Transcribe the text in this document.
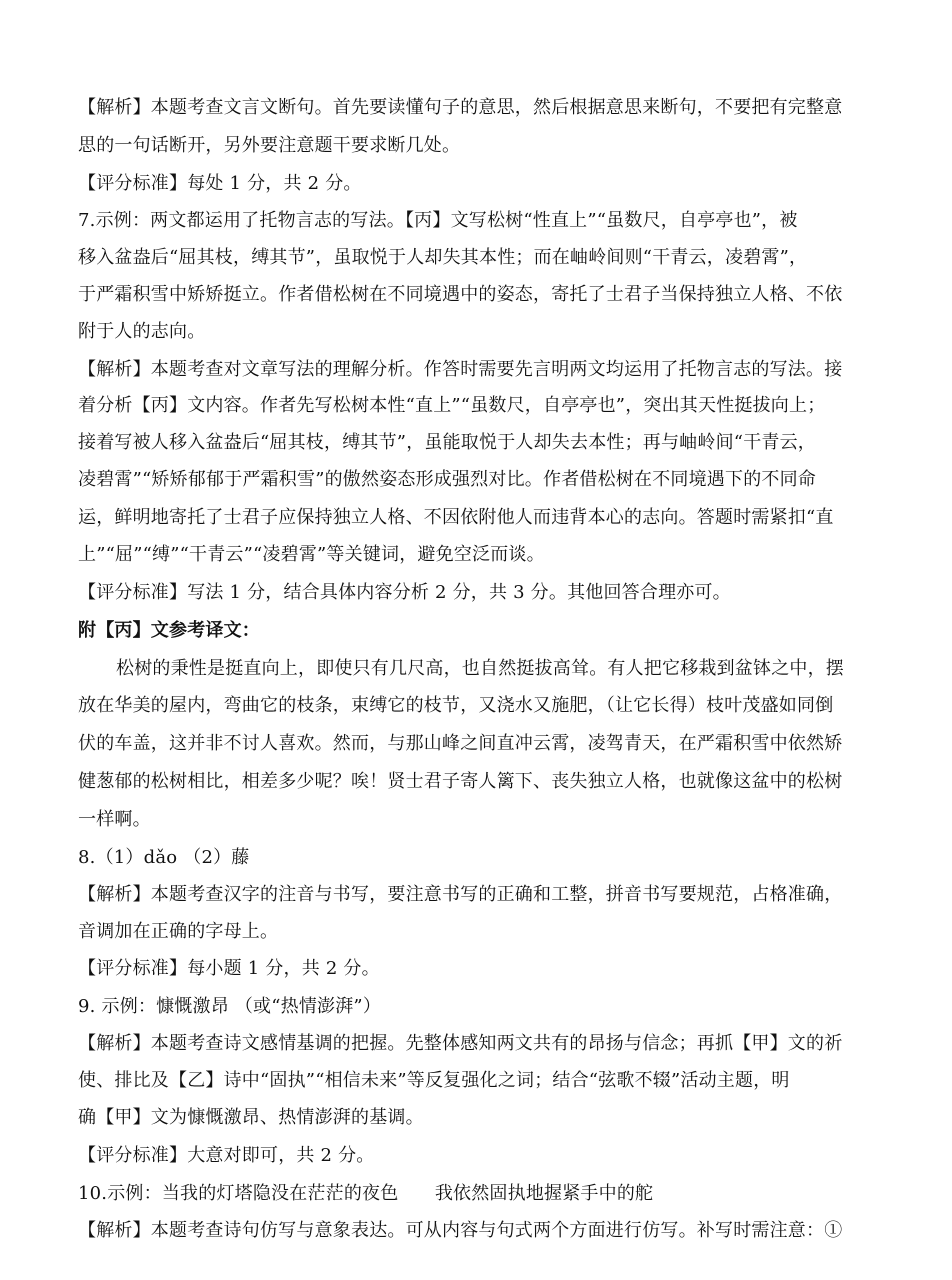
【解析】本题考查文言文断句。首先要读懂句子的意思，然后根据意思来断句，不要把有完整意
思的一句话断开，另外要注意题干要求断几处。
【评分标准】每处 1 分，共 2 分。
7.示例：两文都运用了托物言志的写法。【丙】文写松树“性直上”“虽数尺，自亭亭也”，被
移入盆盎后“屈其枝，缚其节”，虽取悦于人却失其本性；而在岫岭间则“干青云，凌碧霄”，
于严霜积雪中矫矫挺立。作者借松树在不同境遇中的姿态，寄托了士君子当保持独立人格、不依
附于人的志向。
【解析】本题考查对文章写法的理解分析。作答时需要先言明两文均运用了托物言志的写法。接
着分析【丙】文内容。作者先写松树本性“直上”“虽数尺，自亭亭也”，突出其天性挺拔向上；
接着写被人移入盆盎后“屈其枝，缚其节”，虽能取悦于人却失去本性；再与岫岭间“干青云，
凌碧霄”“矫矫郁郁于严霜积雪”的傲然姿态形成强烈对比。作者借松树在不同境遇下的不同命
运，鲜明地寄托了士君子应保持独立人格、不因依附他人而违背本心的志向。答题时需紧扣“直
上”“屈”“缚”“干青云”“凌碧霄”等关键词，避免空泛而谈。
【评分标准】写法 1 分，结合具体内容分析 2 分，共 3 分。其他回答合理亦可。
附【丙】文参考译文：
松树的秉性是挺直向上，即使只有几尺高，也自然挺拔高耸。有人把它移栽到盆钵之中，摆
放在华美的屋内，弯曲它的枝条，束缚它的枝节，又浇水又施肥，（让它长得）枝叶茂盛如同倒
伏的车盖，这并非不讨人喜欢。然而，与那山峰之间直冲云霄，凌驾青天，在严霜积雪中依然矫
健葱郁的松树相比，相差多少呢？唉！贤士君子寄人篱下、丧失独立人格，也就像这盆中的松树
一样啊。
8.（1）dǎo （2）藤
【解析】本题考查汉字的注音与书写，要注意书写的正确和工整，拼音书写要规范，占格准确，
音调加在正确的字母上。
【评分标准】每小题 1 分，共 2 分。
9. 示例：慷慨激昂 （或“热情澎湃”）
【解析】本题考查诗文感情基调的把握。先整体感知两文共有的昂扬与信念；再抓【甲】文的祈
使、排比及【乙】诗中“固执”“相信未来”等反复强化之词；结合“弦歌不辍”活动主题，明
确【甲】文为慷慨激昂、热情澎湃的基调。
【评分标准】大意对即可，共 2 分。
10.示例：当我的灯塔隐没在茫茫的夜色　　我依然固执地握紧手中的舵
【解析】本题考查诗句仿写与意象表达。可从内容与句式两个方面进行仿写。补写时需注意：①
